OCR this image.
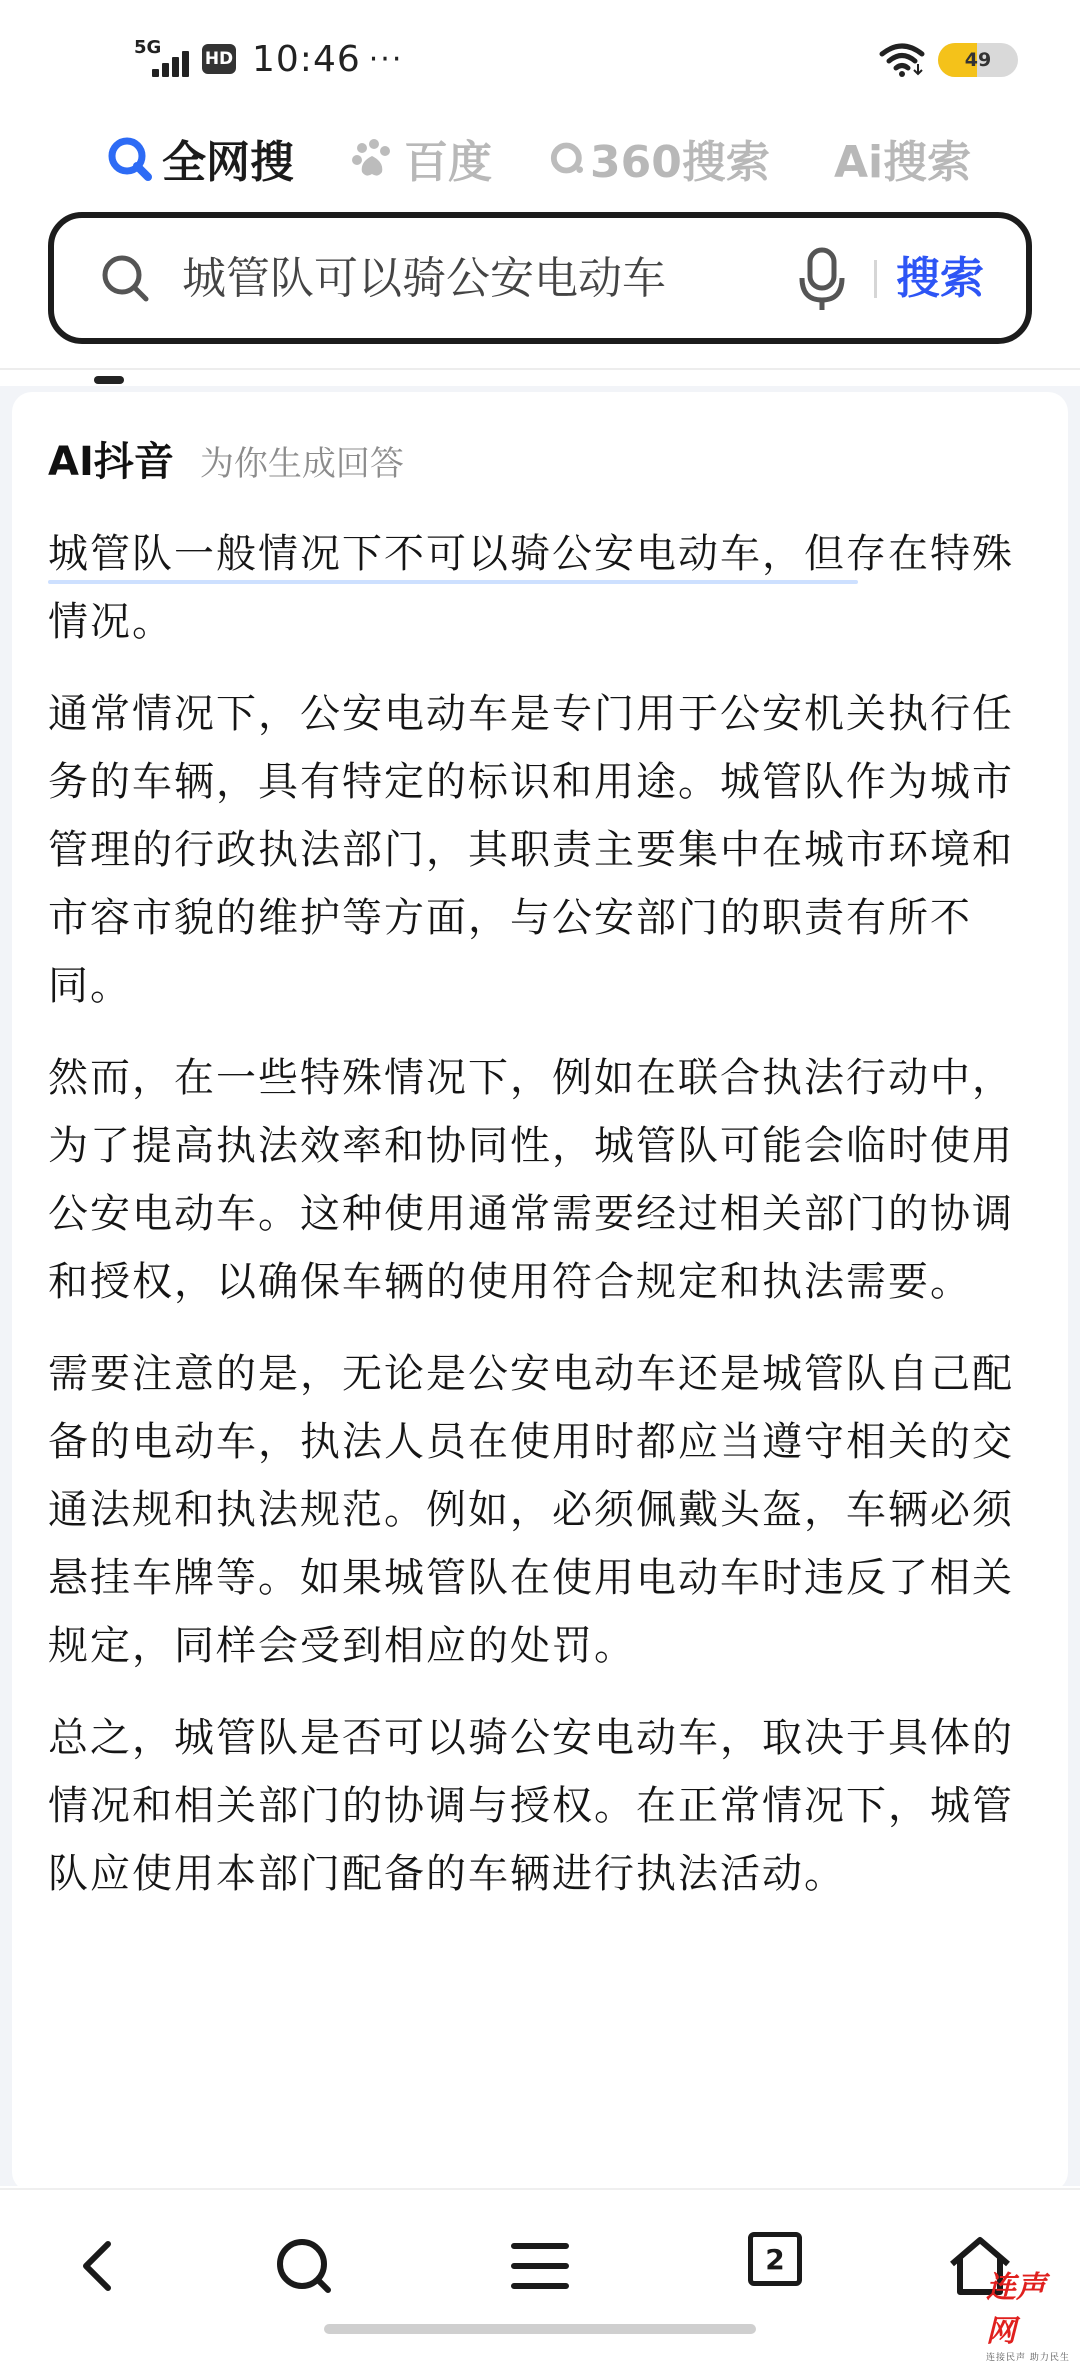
5G
HD 10:46 ···	49
全网搜	百度 360搜索 Ai搜索
城管队可以骑公安电动车	搜索
AI抖音 为你生成回答

城管队一般情况下不可以骑公安电动车，但存在特殊情况。

通常情况下，公安电动车是专门用于公安机关执行任务的车辆，具有特定的标识和用途。城管队作为城市管理的行政执法部门，其职责主要集中在城市环境和市容市貌的维护等方面，与公安部门的职责有所不同。

然而，在一些特殊情况下，例如在联合执法行动中，为了提高执法效率和协同性，城管队可能会临时使用公安电动车。这种使用通常需要经过相关部门的协调和授权，以确保车辆的使用符合规定和执法需要。

需要注意的是，无论是公安电动车还是城管队自己配备的电动车，执法人员在使用时都应当遵守相关的交通法规和执法规范。例如，必须佩戴头盔，车辆必须悬挂车牌等。如果城管队在使用电动车时违反了相关规定，同样会受到相应的处罚。

总之，城管队是否可以骑公安电动车，取决于具体的情况和相关部门的协调与授权。在正常情况下，城管队应使用本部门配备的车辆进行执法活动。

2
连声网
连接民声 助力民生
